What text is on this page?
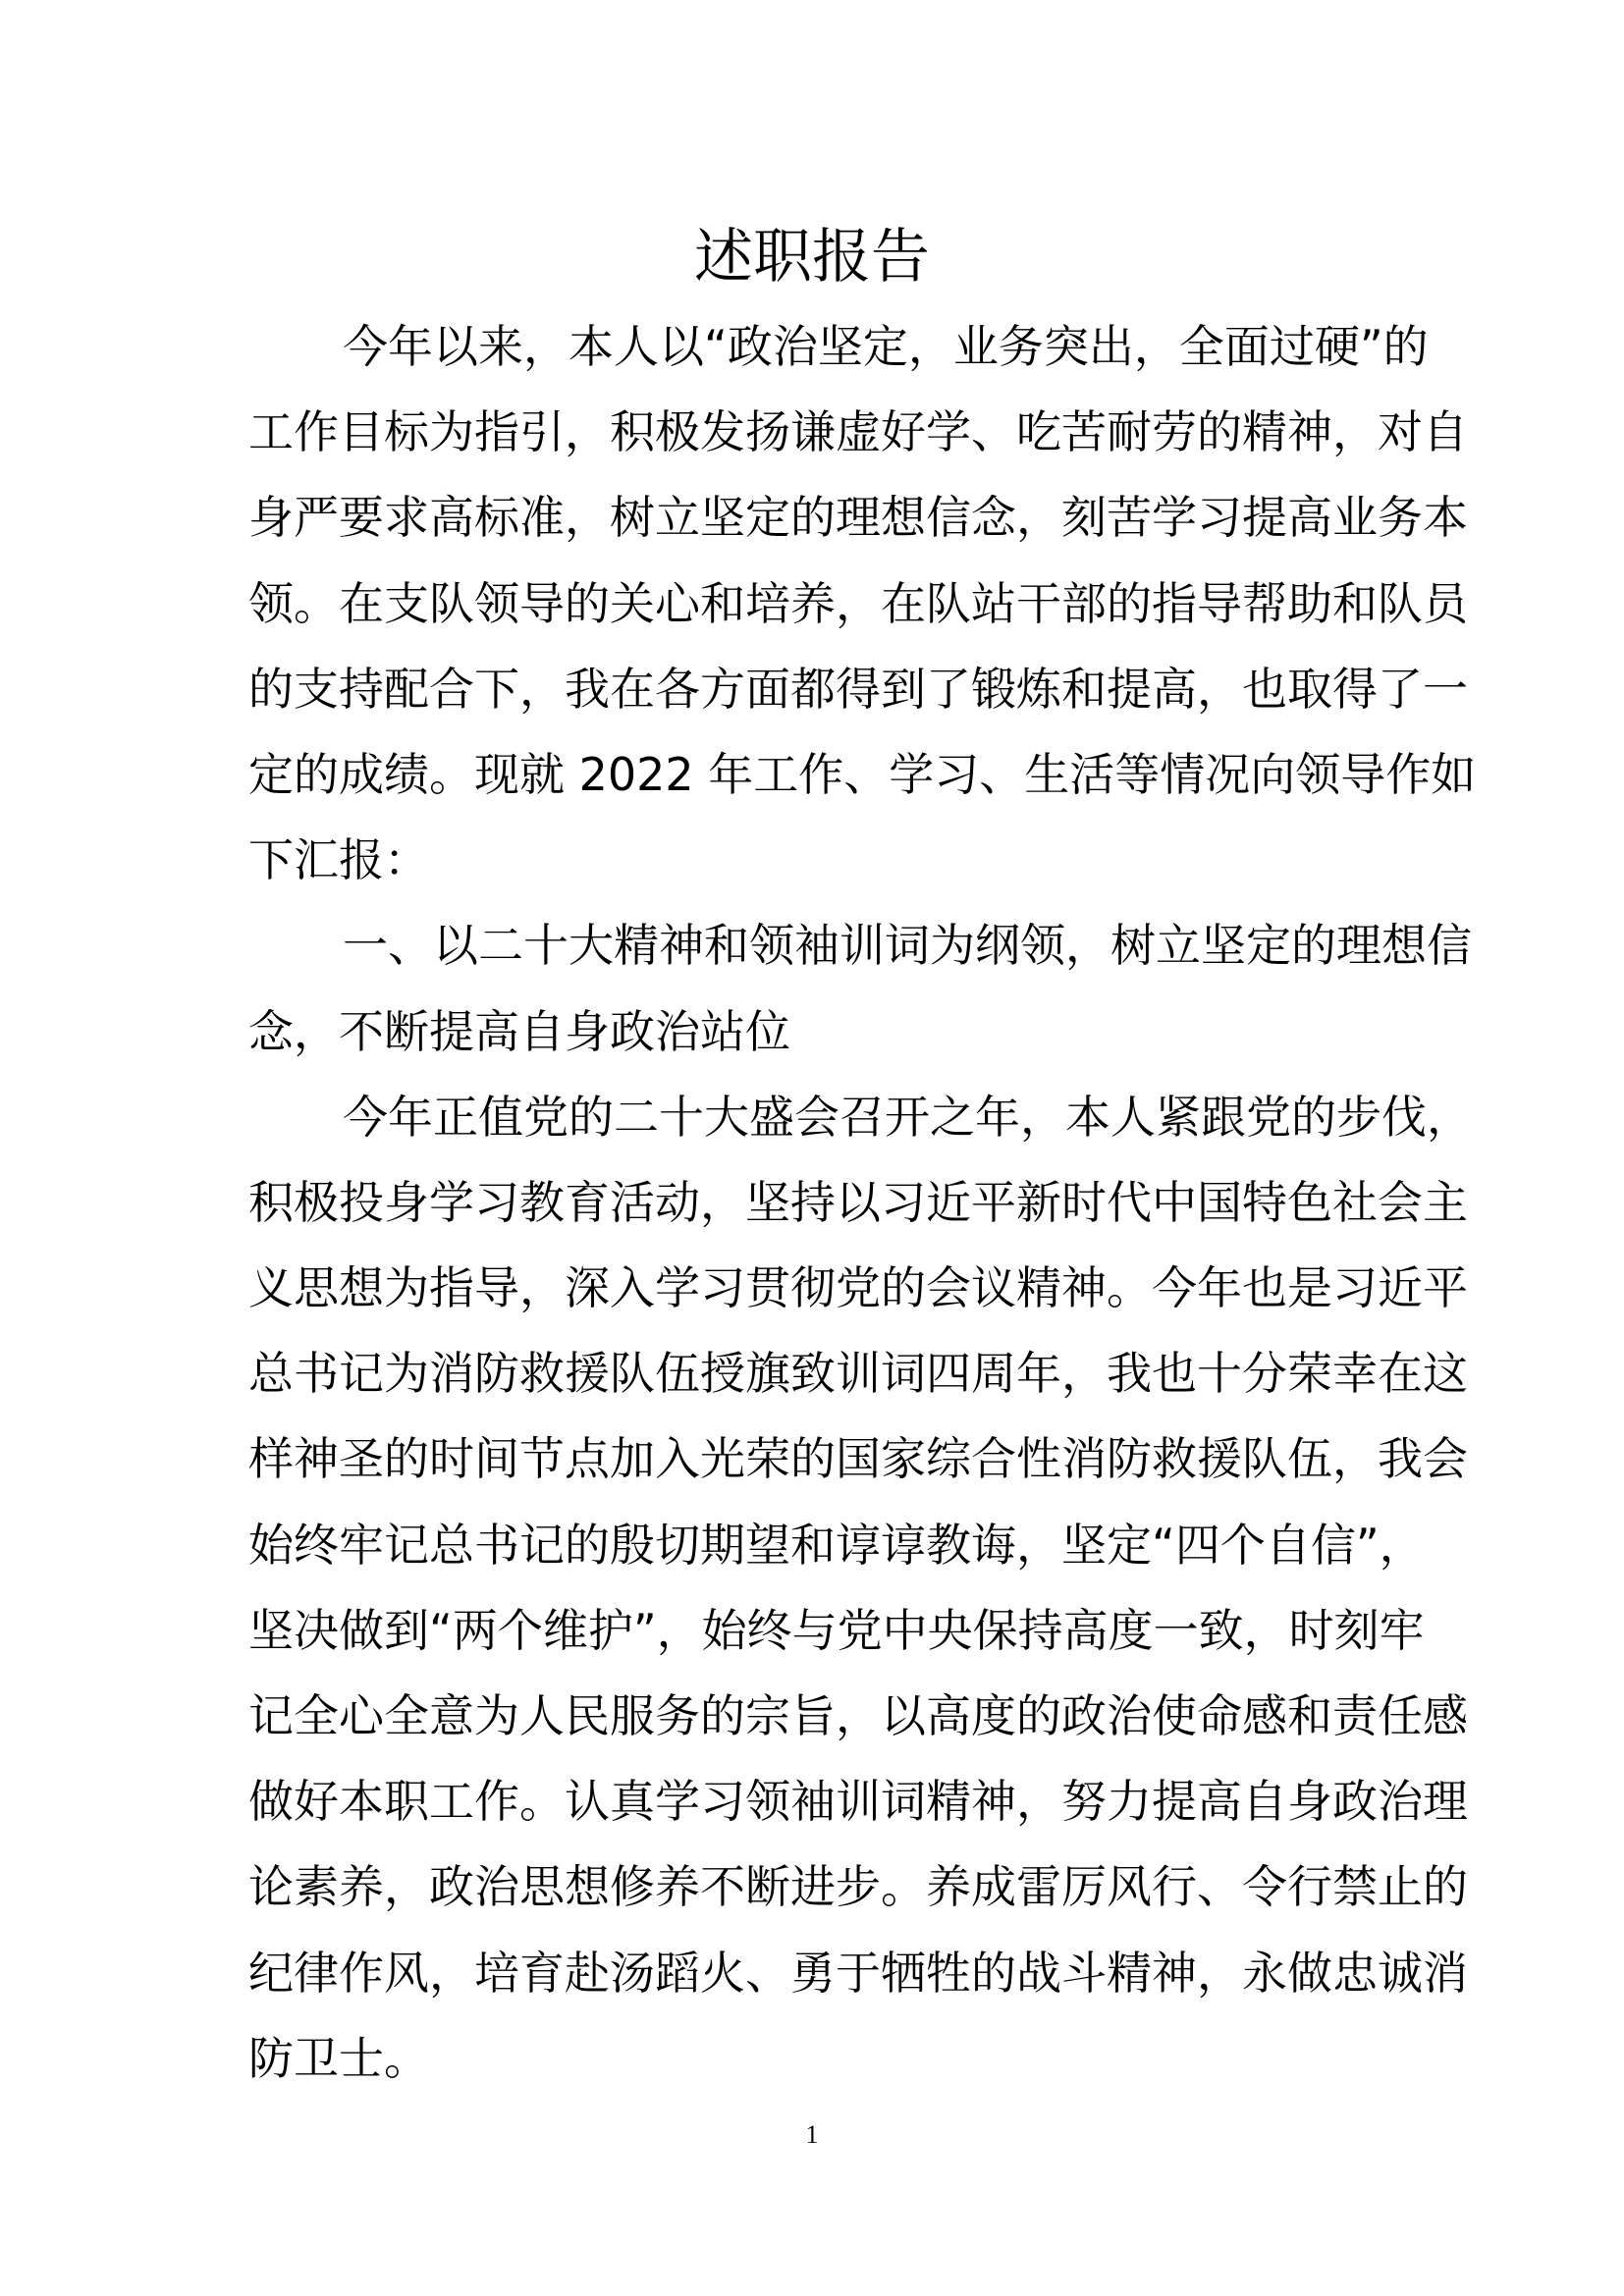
述职报告
今年以来，本人以“政治坚定，业务突出，全面过硬”的
工作目标为指引，积极发扬谦虚好学、吃苦耐劳的精神，对自
身严要求高标准，树立坚定的理想信念，刻苦学习提高业务本
领。在支队领导的关心和培养，在队站干部的指导帮助和队员
的支持配合下，我在各方面都得到了锻炼和提高，也取得了一
定的成绩。现就 2022 年工作、学习、生活等情况向领导作如
下汇报：
一、以二十大精神和领袖训词为纲领，树立坚定的理想信
念，不断提高自身政治站位
今年正值党的二十大盛会召开之年，本人紧跟党的步伐，
积极投身学习教育活动，坚持以习近平新时代中国特色社会主
义思想为指导，深入学习贯彻党的会议精神。今年也是习近平
总书记为消防救援队伍授旗致训词四周年，我也十分荣幸在这
样神圣的时间节点加入光荣的国家综合性消防救援队伍，我会
始终牢记总书记的殷切期望和谆谆教诲，坚定“四个自信”，
坚决做到“两个维护”，始终与党中央保持高度一致，时刻牢
记全心全意为人民服务的宗旨，以高度的政治使命感和责任感
做好本职工作。认真学习领袖训词精神，努力提高自身政治理
论素养，政治思想修养不断进步。养成雷厉风行、令行禁止的
纪律作风，培育赴汤蹈火、勇于牺牲的战斗精神，永做忠诚消
防卫士。
1
